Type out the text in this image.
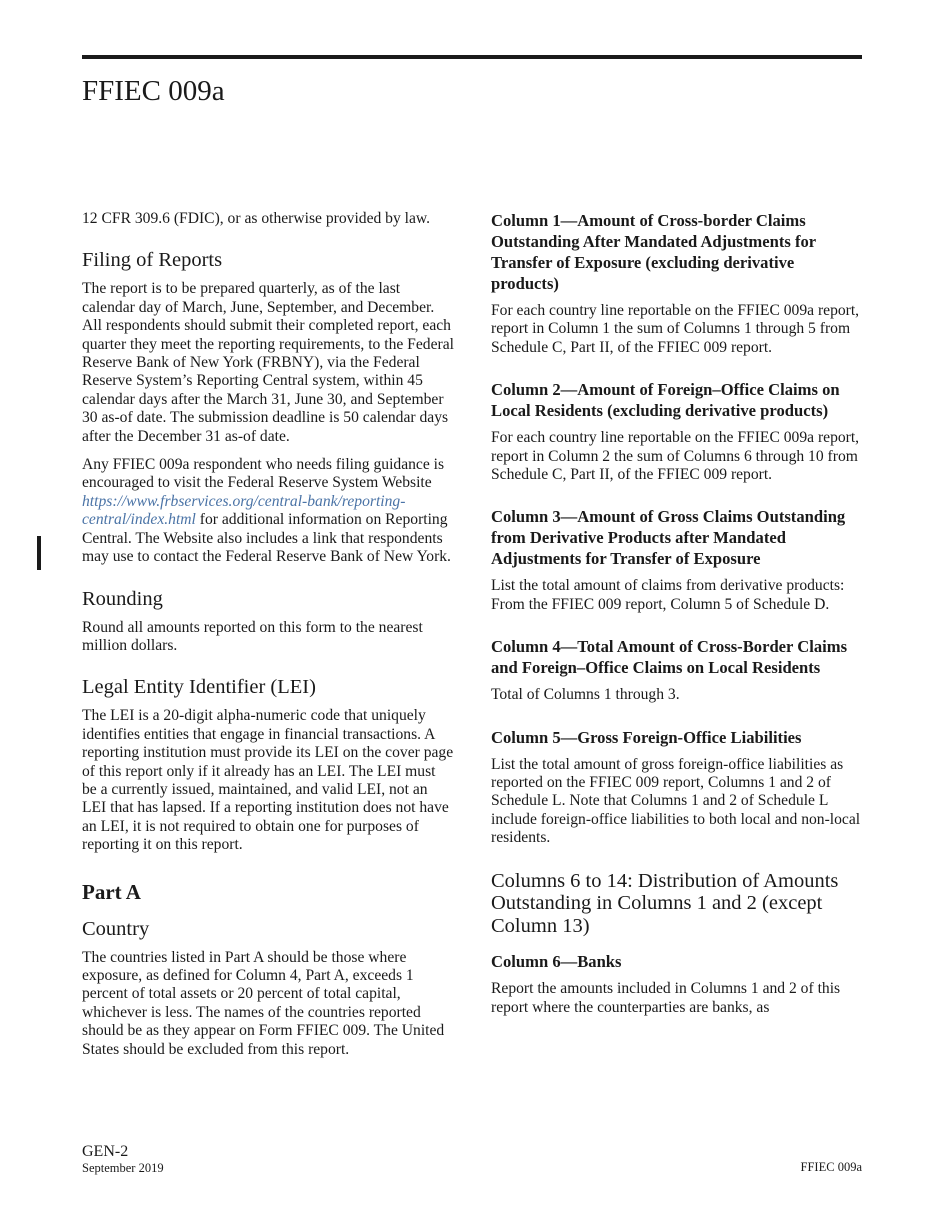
FFIEC 009a

12 CFR 309.6 (FDIC), or as otherwise provided by law.

Filing of Reports

The report is to be prepared quarterly, as of the last calendar day of March, June, September, and December. All respondents should submit their completed report, each quarter they meet the reporting requirements, to the Federal Reserve Bank of New York (FRBNY), via the Federal Reserve System’s Reporting Central system, within 45 calendar days after the March 31, June 30, and September 30 as-of date. The submission deadline is 50 calendar days after the December 31 as-of date.

Any FFIEC 009a respondent who needs filing guidance is encouraged to visit the Federal Reserve System Website https://www.frbservices.org/central-bank/reporting-central/index.html for additional information on Reporting Central. The Website also includes a link that respondents may use to contact the Federal Reserve Bank of New York.

Rounding

Round all amounts reported on this form to the nearest million dollars.

Legal Entity Identifier (LEI)

The LEI is a 20-digit alpha-numeric code that uniquely identifies entities that engage in financial transactions. A reporting institution must provide its LEI on the cover page of this report only if it already has an LEI. The LEI must be a currently issued, maintained, and valid LEI, not an LEI that has lapsed. If a reporting institution does not have an LEI, it is not required to obtain one for purposes of reporting it on this report.

Part A
Country

The countries listed in Part A should be those where exposure, as defined for Column 4, Part A, exceeds 1 percent of total assets or 20 percent of total capital, whichever is less. The names of the countries reported should be as they appear on Form FFIEC 009. The United States should be excluded from this report.

Column 1—Amount of Cross-border Claims Outstanding After Mandated Adjustments for Transfer of Exposure (excluding derivative products)

For each country line reportable on the FFIEC 009a report, report in Column 1 the sum of Columns 1 through 5 from Schedule C, Part II, of the FFIEC 009 report.

Column 2—Amount of Foreign–Office Claims on Local Residents (excluding derivative products)

For each country line reportable on the FFIEC 009a report, report in Column 2 the sum of Columns 6 through 10 from Schedule C, Part II, of the FFIEC 009 report.

Column 3—Amount of Gross Claims Outstanding from Derivative Products after Mandated Adjustments for Transfer of Exposure

List the total amount of claims from derivative products: From the FFIEC 009 report, Column 5 of Schedule D.

Column 4—Total Amount of Cross-Border Claims and Foreign–Office Claims on Local Residents

Total of Columns 1 through 3.

Column 5—Gross Foreign-Office Liabilities

List the total amount of gross foreign-office liabilities as reported on the FFIEC 009 report, Columns 1 and 2 of Schedule L. Note that Columns 1 and 2 of Schedule L include foreign-office liabilities to both local and non-local residents.

Columns 6 to 14: Distribution of Amounts Outstanding in Columns 1 and 2 (except Column 13)
Column 6—Banks

Report the amounts included in Columns 1 and 2 of this report where the counterparties are banks, as

GEN-2
September 2019	FFIEC 009a
